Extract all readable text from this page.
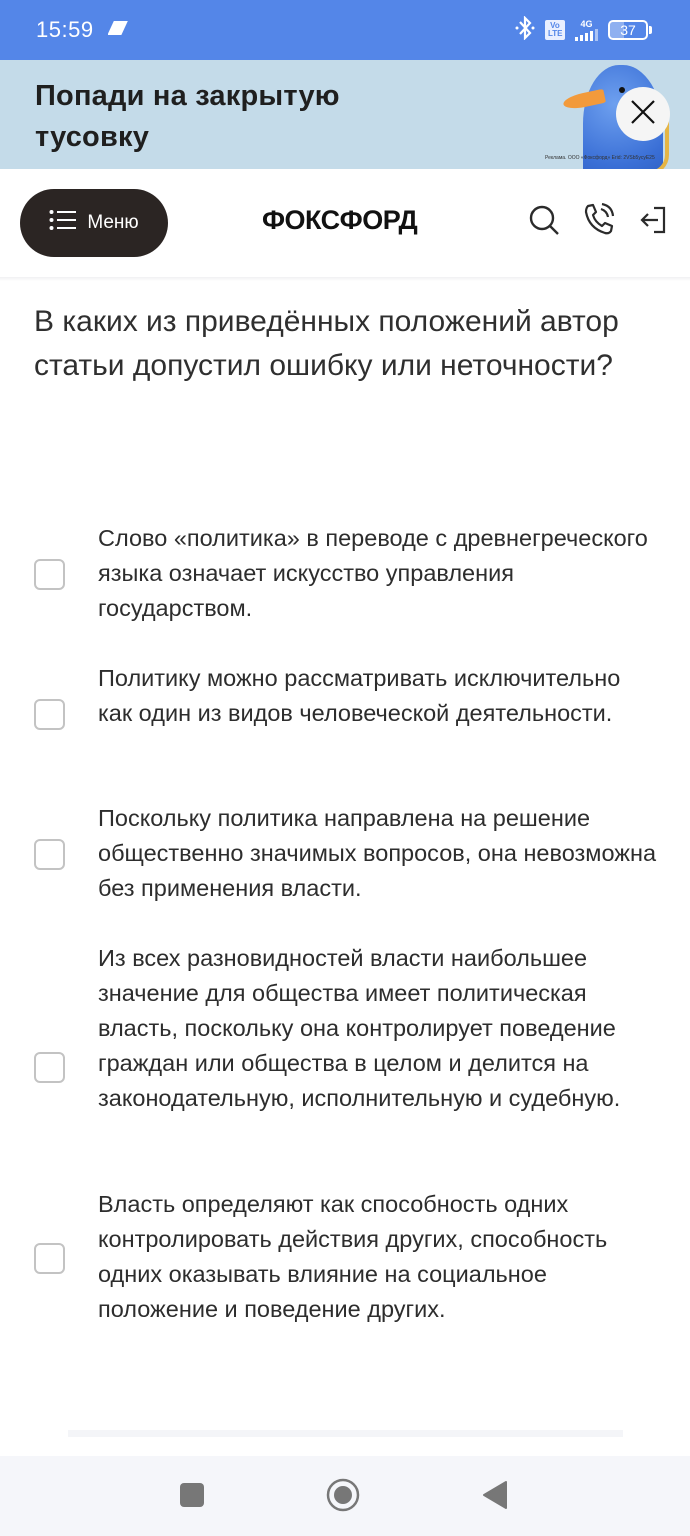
15:59	Vo
LTE
4G 37
Попади на закрытую тусовку
Реклама. ООО «Фоксфорд» Erid: 2VSb5ycyE25
Меню	ФОКСФОРД
В каких из приведённых положений автор статьи допустил ошибку или неточности?
Слово «политика» в переводе с древнегреческого языка означает искусство управления государством.
Политику можно рассматривать исключительно как один из видов человеческой деятельности.
Поскольку политика направлена на решение общественно значимых вопросов, она невозможна без применения власти.
Из всех разновидностей власти наибольшее значение для общества имеет политическая власть, поскольку она контролирует поведение граждан или общества в целом и делится на законодательную, исполнительную и судебную.
Власть определяют как способность одних контролировать действия других, способность одних оказывать влияние на социальное положение и поведение других.
